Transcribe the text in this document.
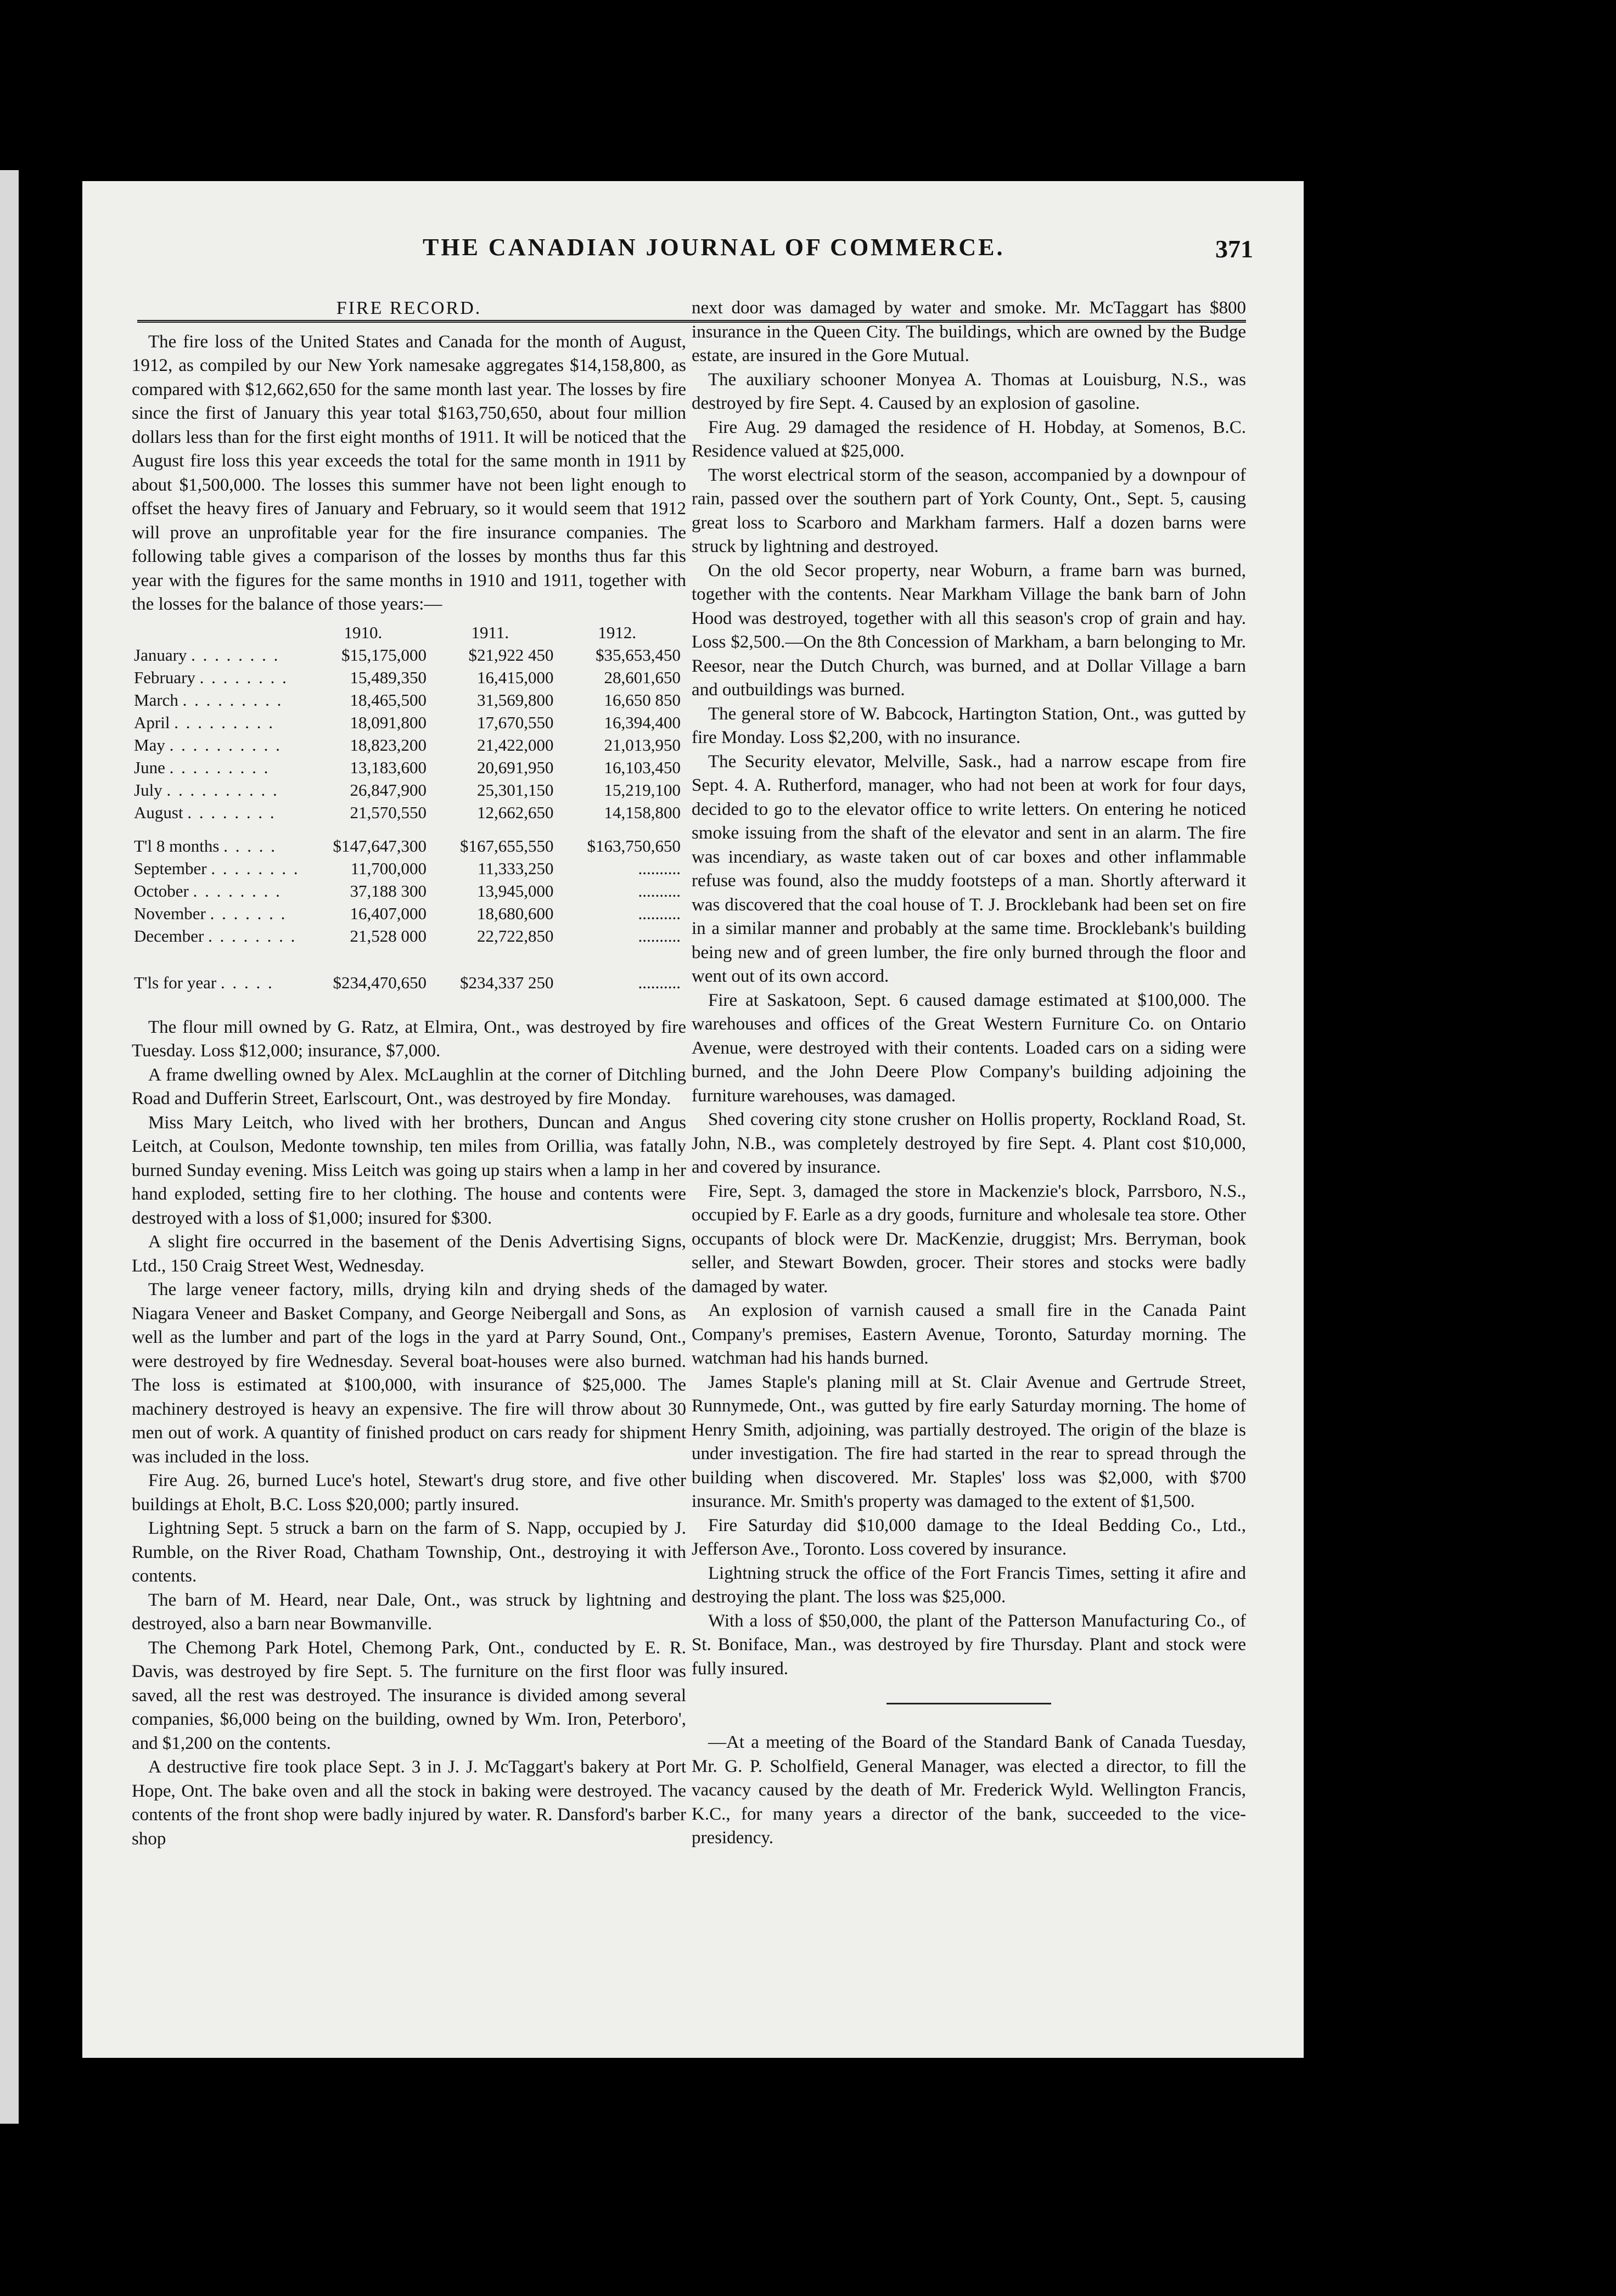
THE CANADIAN JOURNAL OF COMMERCE.	371
FIRE RECORD.

The fire loss of the United States and Canada for the month of August, 1912, as compiled by our New York namesake aggregates $14,158,800, as compared with $12,662,650 for the same month last year. The losses by fire since the first of January this year total $163,750,650, about four million dollars less than for the first eight months of 1911. It will be noticed that the August fire loss this year exceeds the total for the same month in 1911 by about $1,500,000. The losses this summer have not been light enough to offset the heavy fires of January and February, so it would seem that 1912 will prove an unprofitable year for the fire insurance companies. The following table gives a comparison of the losses by months thus far this year with the figures for the same months in 1910 and 1911, together with the losses for the balance of those years:—

	1910.	1911.	1912.
January . . . . . . . .	$15,175,000	$21,922 450	$35,653,450
February . . . . . . . .	15,489,350	16,415,000	28,601,650
March . . . . . . . . .	18,465,500	31,569,800	16,650 850
April . . . . . . . . .	18,091,800	17,670,550	16,394,400
May . . . . . . . . . .	18,823,200	21,422,000	21,013,950
June . . . . . . . . .	13,183,600	20,691,950	16,103,450
July . . . . . . . . . .	26,847,900	25,301,150	15,219,100
August . . . . . . . .	21,570,550	12,662,650	14,158,800
T'l 8 months . . . . .	$147,647,300	$167,655,550	$163,750,650
September . . . . . . . .	11,700,000	11,333,250	..........
October . . . . . . . .	37,188 300	13,945,000	..........
November . . . . . . .	16,407,000	18,680,600	..........
December . . . . . . . .	21,528 000	22,722,850	..........
T'ls for year . . . . .	$234,470,650	$234,337 250	..........

The flour mill owned by G. Ratz, at Elmira, Ont., was destroyed by fire Tuesday. Loss $12,000; insurance, $7,000.

A frame dwelling owned by Alex. McLaughlin at the corner of Ditchling Road and Dufferin Street, Earlscourt, Ont., was destroyed by fire Monday.

Miss Mary Leitch, who lived with her brothers, Duncan and Angus Leitch, at Coulson, Medonte township, ten miles from Orillia, was fatally burned Sunday evening. Miss Leitch was going up stairs when a lamp in her hand exploded, setting fire to her clothing. The house and contents were destroyed with a loss of $1,000; insured for $300.

A slight fire occurred in the basement of the Denis Advertising Signs, Ltd., 150 Craig Street West, Wednesday.

The large veneer factory, mills, drying kiln and drying sheds of the Niagara Veneer and Basket Company, and George Neibergall and Sons, as well as the lumber and part of the logs in the yard at Parry Sound, Ont., were destroyed by fire Wednesday. Several boat-houses were also burned. The loss is estimated at $100,000, with insurance of $25,000. The machinery destroyed is heavy an expensive. The fire will throw about 30 men out of work. A quantity of finished product on cars ready for shipment was included in the loss.

Fire Aug. 26, burned Luce's hotel, Stewart's drug store, and five other buildings at Eholt, B.C. Loss $20,000; partly insured.

Lightning Sept. 5 struck a barn on the farm of S. Napp, occupied by J. Rumble, on the River Road, Chatham Township, Ont., destroying it with contents.

The barn of M. Heard, near Dale, Ont., was struck by lightning and destroyed, also a barn near Bowmanville.

The Chemong Park Hotel, Chemong Park, Ont., conducted by E. R. Davis, was destroyed by fire Sept. 5. The furniture on the first floor was saved, all the rest was destroyed. The insurance is divided among several companies, $6,000 being on the building, owned by Wm. Iron, Peterboro', and $1,200 on the contents.

A destructive fire took place Sept. 3 in J. J. McTaggart's bakery at Port Hope, Ont. The bake oven and all the stock in baking were destroyed. The contents of the front shop were badly injured by water. R. Dansford's barber shop

next door was damaged by water and smoke. Mr. McTaggart has $800 insurance in the Queen City. The buildings, which are owned by the Budge estate, are insured in the Gore Mutual.

The auxiliary schooner Monyea A. Thomas at Louisburg, N.S., was destroyed by fire Sept. 4. Caused by an explosion of gasoline.

Fire Aug. 29 damaged the residence of H. Hobday, at Somenos, B.C. Residence valued at $25,000.

The worst electrical storm of the season, accompanied by a downpour of rain, passed over the southern part of York County, Ont., Sept. 5, causing great loss to Scarboro and Markham farmers. Half a dozen barns were struck by lightning and destroyed.

On the old Secor property, near Woburn, a frame barn was burned, together with the contents. Near Markham Village the bank barn of John Hood was destroyed, together with all this season's crop of grain and hay. Loss $2,500.—On the 8th Concession of Markham, a barn belonging to Mr. Reesor, near the Dutch Church, was burned, and at Dollar Village a barn and outbuildings was burned.

The general store of W. Babcock, Hartington Station, Ont., was gutted by fire Monday. Loss $2,200, with no insurance.

The Security elevator, Melville, Sask., had a narrow escape from fire Sept. 4. A. Rutherford, manager, who had not been at work for four days, decided to go to the elevator office to write letters. On entering he noticed smoke issuing from the shaft of the elevator and sent in an alarm. The fire was incendiary, as waste taken out of car boxes and other inflammable refuse was found, also the muddy footsteps of a man. Shortly afterward it was discovered that the coal house of T. J. Brocklebank had been set on fire in a similar manner and probably at the same time. Brocklebank's building being new and of green lumber, the fire only burned through the floor and went out of its own accord.

Fire at Saskatoon, Sept. 6 caused damage estimated at $100,000. The warehouses and offices of the Great Western Furniture Co. on Ontario Avenue, were destroyed with their contents. Loaded cars on a siding were burned, and the John Deere Plow Company's building adjoining the furniture warehouses, was damaged.

Shed covering city stone crusher on Hollis property, Rockland Road, St. John, N.B., was completely destroyed by fire Sept. 4. Plant cost $10,000, and covered by insurance.

Fire, Sept. 3, damaged the store in Mackenzie's block, Parrsboro, N.S., occupied by F. Earle as a dry goods, furniture and wholesale tea store. Other occupants of block were Dr. MacKenzie, druggist; Mrs. Berryman, book seller, and Stewart Bowden, grocer. Their stores and stocks were badly damaged by water.

An explosion of varnish caused a small fire in the Canada Paint Company's premises, Eastern Avenue, Toronto, Saturday morning. The watchman had his hands burned.

James Staple's planing mill at St. Clair Avenue and Gertrude Street, Runnymede, Ont., was gutted by fire early Saturday morning. The home of Henry Smith, adjoining, was partially destroyed. The origin of the blaze is under investigation. The fire had started in the rear to spread through the building when discovered. Mr. Staples' loss was $2,000, with $700 insurance. Mr. Smith's property was damaged to the extent of $1,500.

Fire Saturday did $10,000 damage to the Ideal Bedding Co., Ltd., Jefferson Ave., Toronto. Loss covered by insurance.

Lightning struck the office of the Fort Francis Times, setting it afire and destroying the plant. The loss was $25,000.

With a loss of $50,000, the plant of the Patterson Manufacturing Co., of St. Boniface, Man., was destroyed by fire Thursday. Plant and stock were fully insured.

—At a meeting of the Board of the Standard Bank of Canada Tuesday, Mr. G. P. Scholfield, General Manager, was elected a director, to fill the vacancy caused by the death of Mr. Frederick Wyld. Wellington Francis, K.C., for many years a director of the bank, succeeded to the vice-presidency.
